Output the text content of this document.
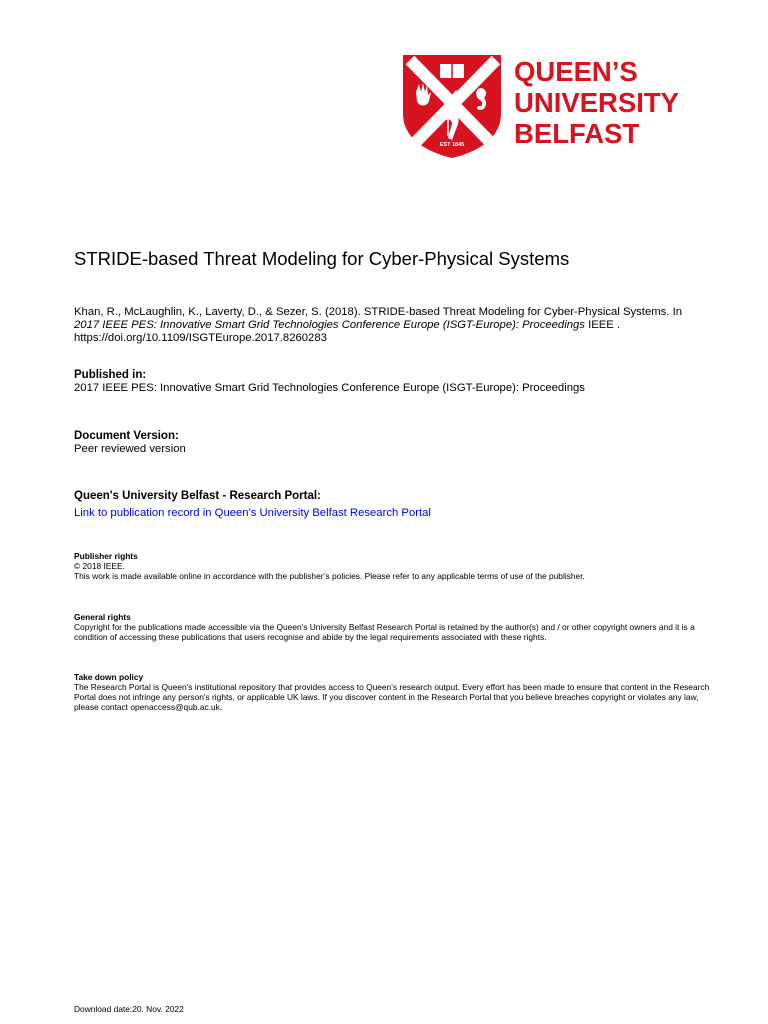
EST 1845
QUEEN’S
UNIVERSITY
BELFAST
STRIDE-based Threat Modeling for Cyber-Physical Systems
Khan, R., McLaughlin, K., Laverty, D., & Sezer, S. (2018). STRIDE-based Threat Modeling for Cyber-Physical Systems. In 2017 IEEE PES: Innovative Smart Grid Technologies Conference Europe (ISGT-Europe): Proceedings IEEE . https://doi.org/10.1109/ISGTEurope.2017.8260283
Published in:
2017 IEEE PES: Innovative Smart Grid Technologies Conference Europe (ISGT-Europe): Proceedings
Document Version:
Peer reviewed version
Queen's University Belfast - Research Portal:
Link to publication record in Queen's University Belfast Research Portal
Publisher rights
© 2018 IEEE.
This work is made available online in accordance with the publisher’s policies. Please refer to any applicable terms of use of the publisher.
General rights
Copyright for the publications made accessible via the Queen's University Belfast Research Portal is retained by the author(s) and / or other copyright owners and it is a condition of accessing these publications that users recognise and abide by the legal requirements associated with these rights.
Take down policy
The Research Portal is Queen's institutional repository that provides access to Queen's research output. Every effort has been made to ensure that content in the Research Portal does not infringe any person's rights, or applicable UK laws. If you discover content in the Research Portal that you believe breaches copyright or violates any law, please contact openaccess@qub.ac.uk.
Download date:20. Nov. 2022
